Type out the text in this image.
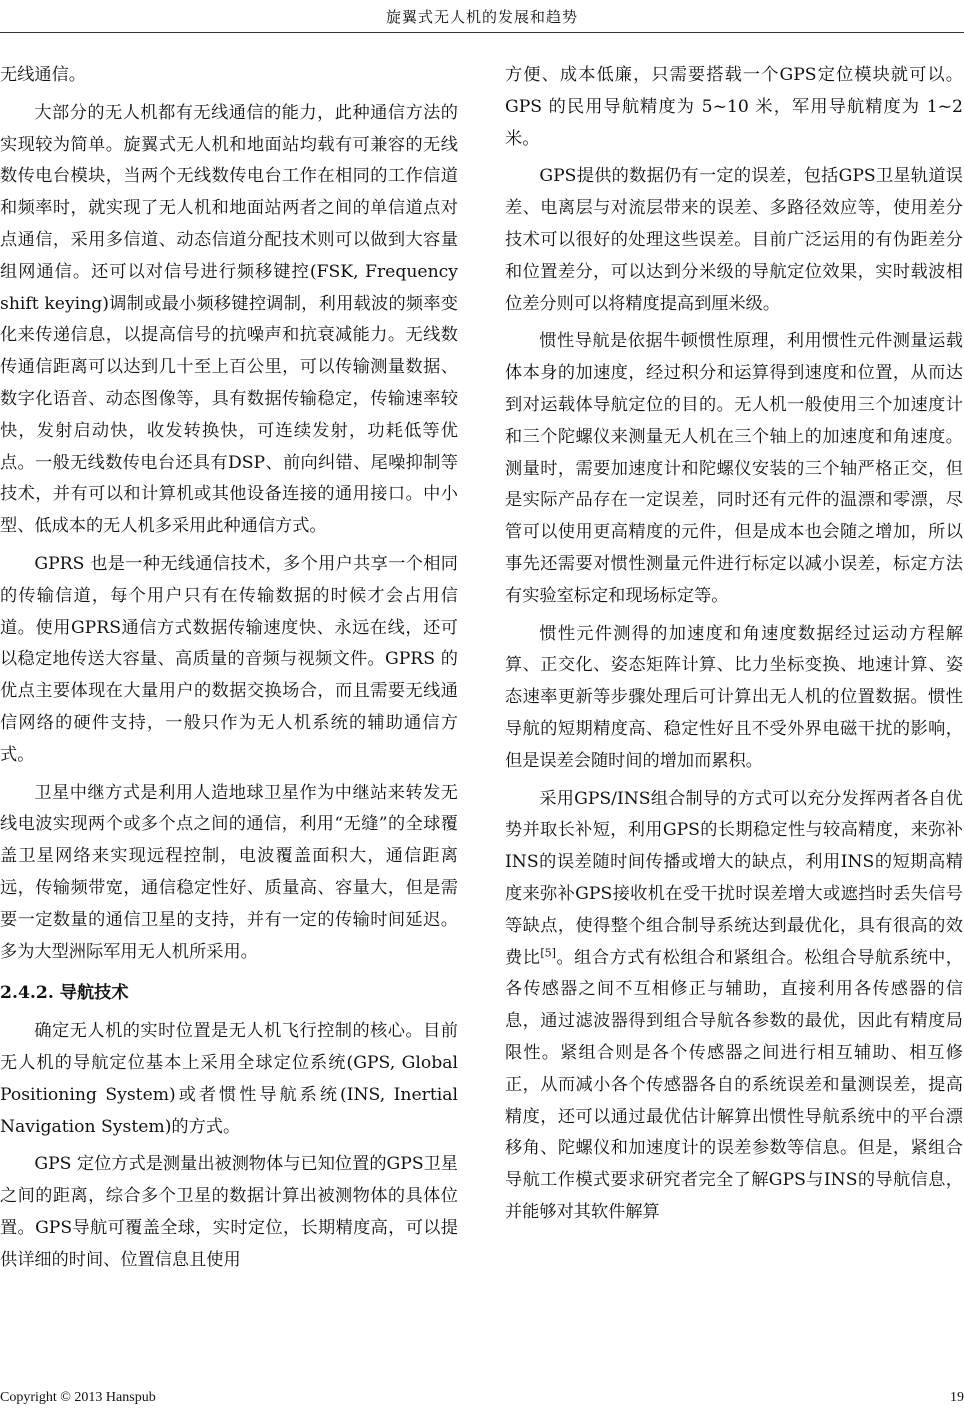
旋翼式无人机的发展和趋势

无线通信。

大部分的无人机都有无线通信的能力，此种通信方法的实现较为简单。旋翼式无人机和地面站均载有可兼容的无线数传电台模块，当两个无线数传电台工作在相同的工作信道和频率时，就实现了无人机和地面站两者之间的单信道点对点通信，采用多信道、动态信道分配技术则可以做到大容量组网通信。还可以对信号进行频移键控(FSK, Frequency shift keying)调制或最小频移键控调制，利用载波的频率变化来传递信息，以提高信号的抗噪声和抗衰减能力。无线数传通信距离可以达到几十至上百公里，可以传输测量数据、数字化语音、动态图像等，具有数据传输稳定，传输速率较快，发射启动快，收发转换快，可连续发射，功耗低等优点。一般无线数传电台还具有DSP、前向纠错、尾噪抑制等技术，并有可以和计算机或其他设备连接的通用接口。中小型、低成本的无人机多采用此种通信方式。

GPRS 也是一种无线通信技术，多个用户共享一个相同的传输信道，每个用户只有在传输数据的时候才会占用信道。使用GPRS通信方式数据传输速度快、永远在线，还可以稳定地传送大容量、高质量的音频与视频文件。GPRS 的优点主要体现在大量用户的数据交换场合，而且需要无线通信网络的硬件支持，一般只作为无人机系统的辅助通信方式。

卫星中继方式是利用人造地球卫星作为中继站来转发无线电波实现两个或多个点之间的通信，利用“无缝”的全球覆盖卫星网络来实现远程控制，电波覆盖面积大，通信距离远，传输频带宽，通信稳定性好、质量高、容量大，但是需要一定数量的通信卫星的支持，并有一定的传输时间延迟。多为大型洲际军用无人机所采用。

2.4.2. 导航技术

确定无人机的实时位置是无人机飞行控制的核心。目前无人机的导航定位基本上采用全球定位系统(GPS, Global Positioning System)或者惯性导航系统(INS, Inertial Navigation System)的方式。

GPS 定位方式是测量出被测物体与已知位置的GPS卫星之间的距离，综合多个卫星的数据计算出被测物体的具体位置。GPS导航可覆盖全球，实时定位，长期精度高，可以提供详细的时间、位置信息且使用

方便、成本低廉，只需要搭载一个GPS定位模块就可以。GPS 的民用导航精度为 5~10 米，军用导航精度为 1~2 米。

GPS提供的数据仍有一定的误差，包括GPS卫星轨道误差、电离层与对流层带来的误差、多路径效应等，使用差分技术可以很好的处理这些误差。目前广泛运用的有伪距差分和位置差分，可以达到分米级的导航定位效果，实时载波相位差分则可以将精度提高到厘米级。

惯性导航是依据牛顿惯性原理，利用惯性元件测量运载体本身的加速度，经过积分和运算得到速度和位置，从而达到对运载体导航定位的目的。无人机一般使用三个加速度计和三个陀螺仪来测量无人机在三个轴上的加速度和角速度。测量时，需要加速度计和陀螺仪安装的三个轴严格正交，但是实际产品存在一定误差，同时还有元件的温漂和零漂，尽管可以使用更高精度的元件，但是成本也会随之增加，所以事先还需要对惯性测量元件进行标定以减小误差，标定方法有实验室标定和现场标定等。

惯性元件测得的加速度和角速度数据经过运动方程解算、正交化、姿态矩阵计算、比力坐标变换、地速计算、姿态速率更新等步骤处理后可计算出无人机的位置数据。惯性导航的短期精度高、稳定性好且不受外界电磁干扰的影响，但是误差会随时间的增加而累积。

采用GPS/INS组合制导的方式可以充分发挥两者各自优势并取长补短，利用GPS的长期稳定性与较高精度，来弥补INS的误差随时间传播或增大的缺点，利用INS的短期高精度来弥补GPS接收机在受干扰时误差增大或遮挡时丢失信号等缺点，使得整个组合制导系统达到最优化，具有很高的效费比[5]。组合方式有松组合和紧组合。松组合导航系统中，各传感器之间不互相修正与辅助，直接利用各传感器的信息，通过滤波器得到组合导航各参数的最优，因此有精度局限性。紧组合则是各个传感器之间进行相互辅助、相互修正，从而减小各个传感器各自的系统误差和量测误差，提高精度，还可以通过最优估计解算出惯性导航系统中的平台漂移角、陀螺仪和加速度计的误差参数等信息。但是，紧组合导航工作模式要求研究者完全了解GPS与INS的导航信息，并能够对其软件解算

Copyright © 2013 Hanspub	19
